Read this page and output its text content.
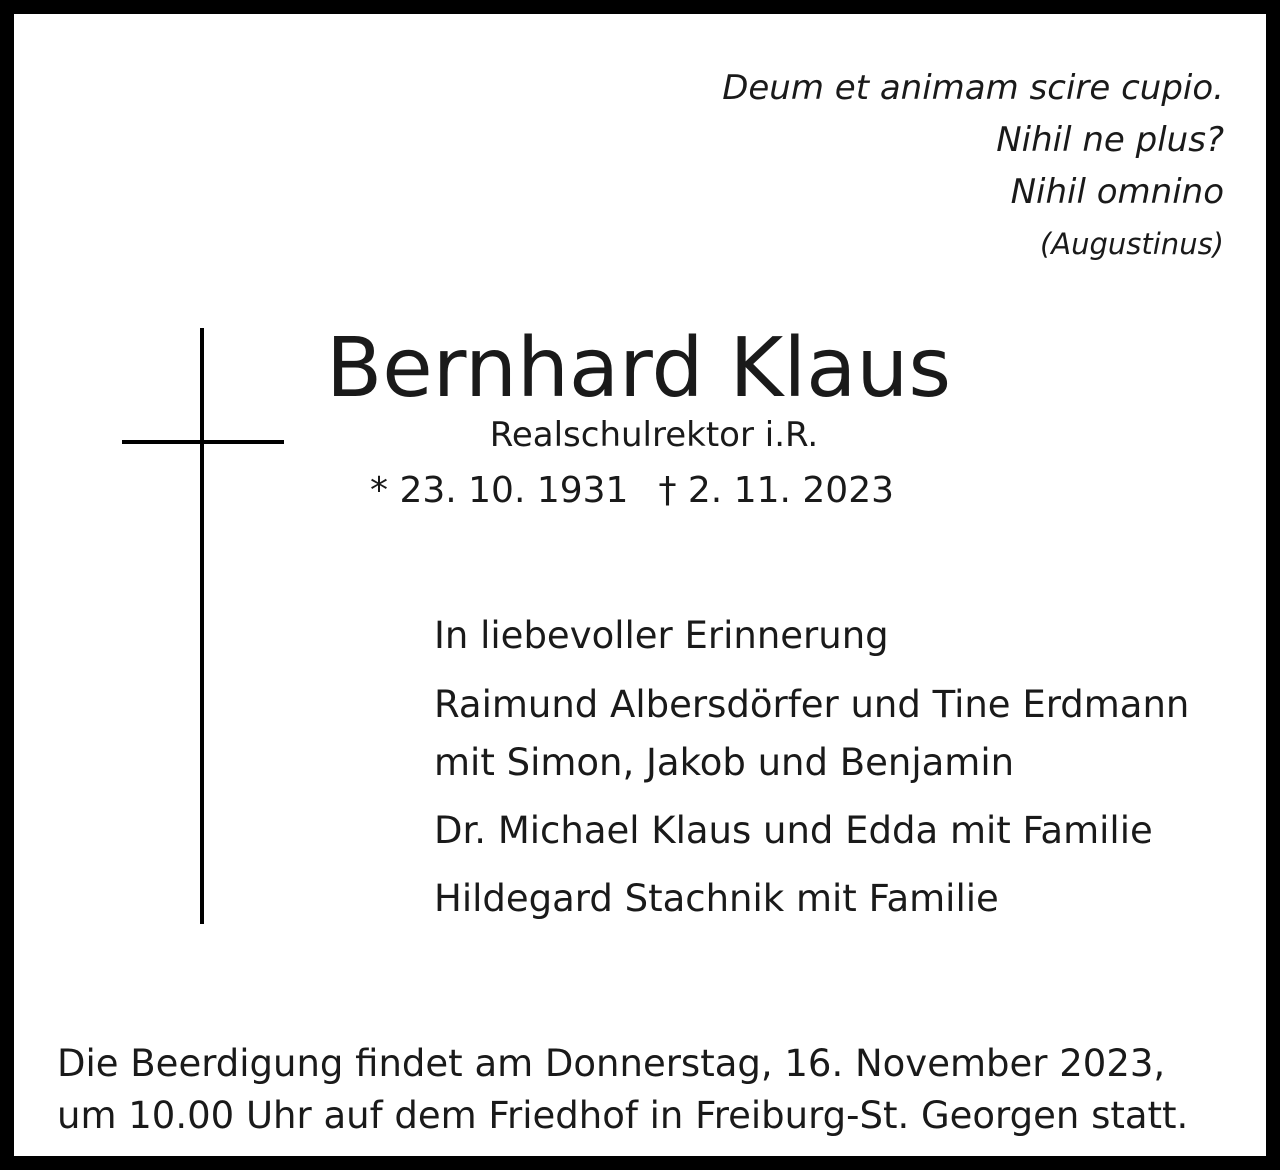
Deum et animam scire cupio.
Nihil ne plus?
Nihil omnino
(Augustinus)
Bernhard Klaus
Realschulrektor i.R.
* 23. 10. 1931 † 2. 11. 2023
In liebevoller Erinnerung
Raimund Albersdörfer und Tine Erdmann
mit Simon, Jakob und Benjamin
Dr. Michael Klaus und Edda mit Familie
Hildegard Stachnik mit Familie
Die Beerdigung findet am Donnerstag, 16. November 2023,
um 10.00 Uhr auf dem Friedhof in Freiburg-St. Georgen statt.
